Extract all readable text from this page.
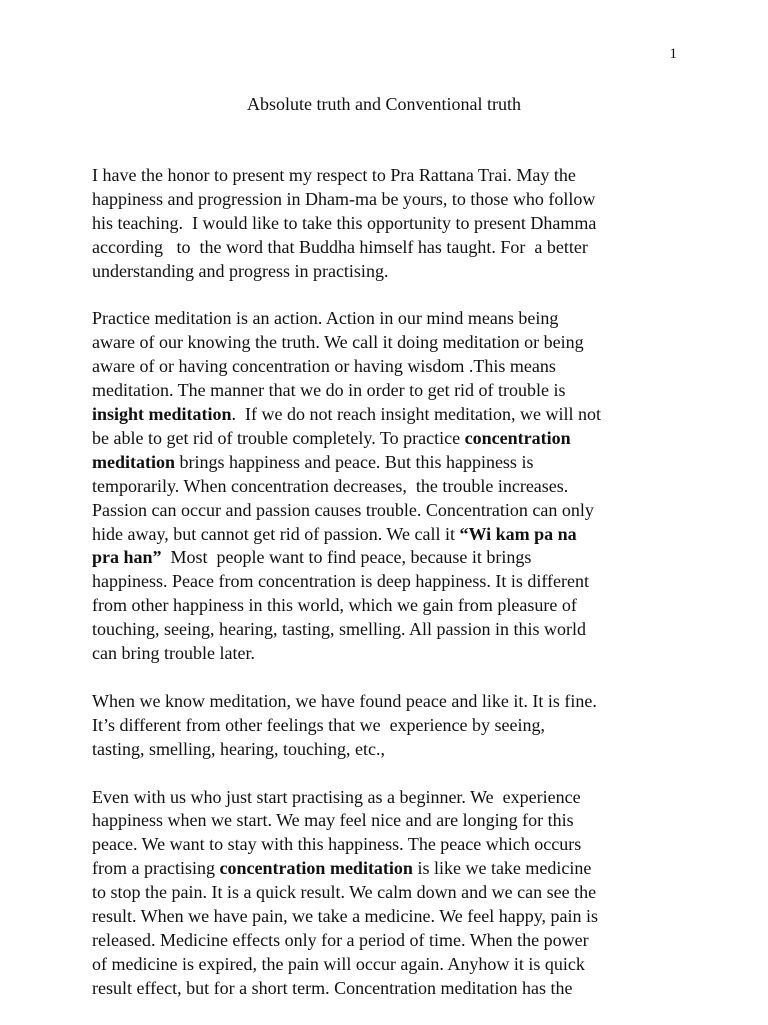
1
Absolute truth and Conventional truth
I have the honor to present my respect to Pra Rattana Trai. May the
happiness and progression in Dham-ma be yours, to those who follow
his teaching.  I would like to take this opportunity to present Dhamma
according   to  the word that Buddha himself has taught. For  a better
understanding and progress in practising.
Practice meditation is an action. Action in our mind means being
aware of our knowing the truth. We call it doing meditation or being
aware of or having concentration or having wisdom .This means
meditation. The manner that we do in order to get rid of trouble is
insight meditation.  If we do not reach insight meditation, we will not
be able to get rid of trouble completely. To practice concentration
meditation brings happiness and peace. But this happiness is
temporarily. When concentration decreases,  the trouble increases.
Passion can occur and passion causes trouble. Concentration can only
hide away, but cannot get rid of passion. We call it “Wi kam pa na
pra han”  Most  people want to find peace, because it brings
happiness. Peace from concentration is deep happiness. It is different
from other happiness in this world, which we gain from pleasure of
touching, seeing, hearing, tasting, smelling. All passion in this world
can bring trouble later.
When we know meditation, we have found peace and like it. It is fine.
It’s different from other feelings that we  experience by seeing,
tasting, smelling, hearing, touching, etc.,
Even with us who just start practising as a beginner. We  experience
happiness when we start. We may feel nice and are longing for this
peace. We want to stay with this happiness. The peace which occurs
from a practising concentration meditation is like we take medicine
to stop the pain. It is a quick result. We calm down and we can see the
result. When we have pain, we take a medicine. We feel happy, pain is
released. Medicine effects only for a period of time. When the power
of medicine is expired, the pain will occur again. Anyhow it is quick
result effect, but for a short term. Concentration meditation has the
